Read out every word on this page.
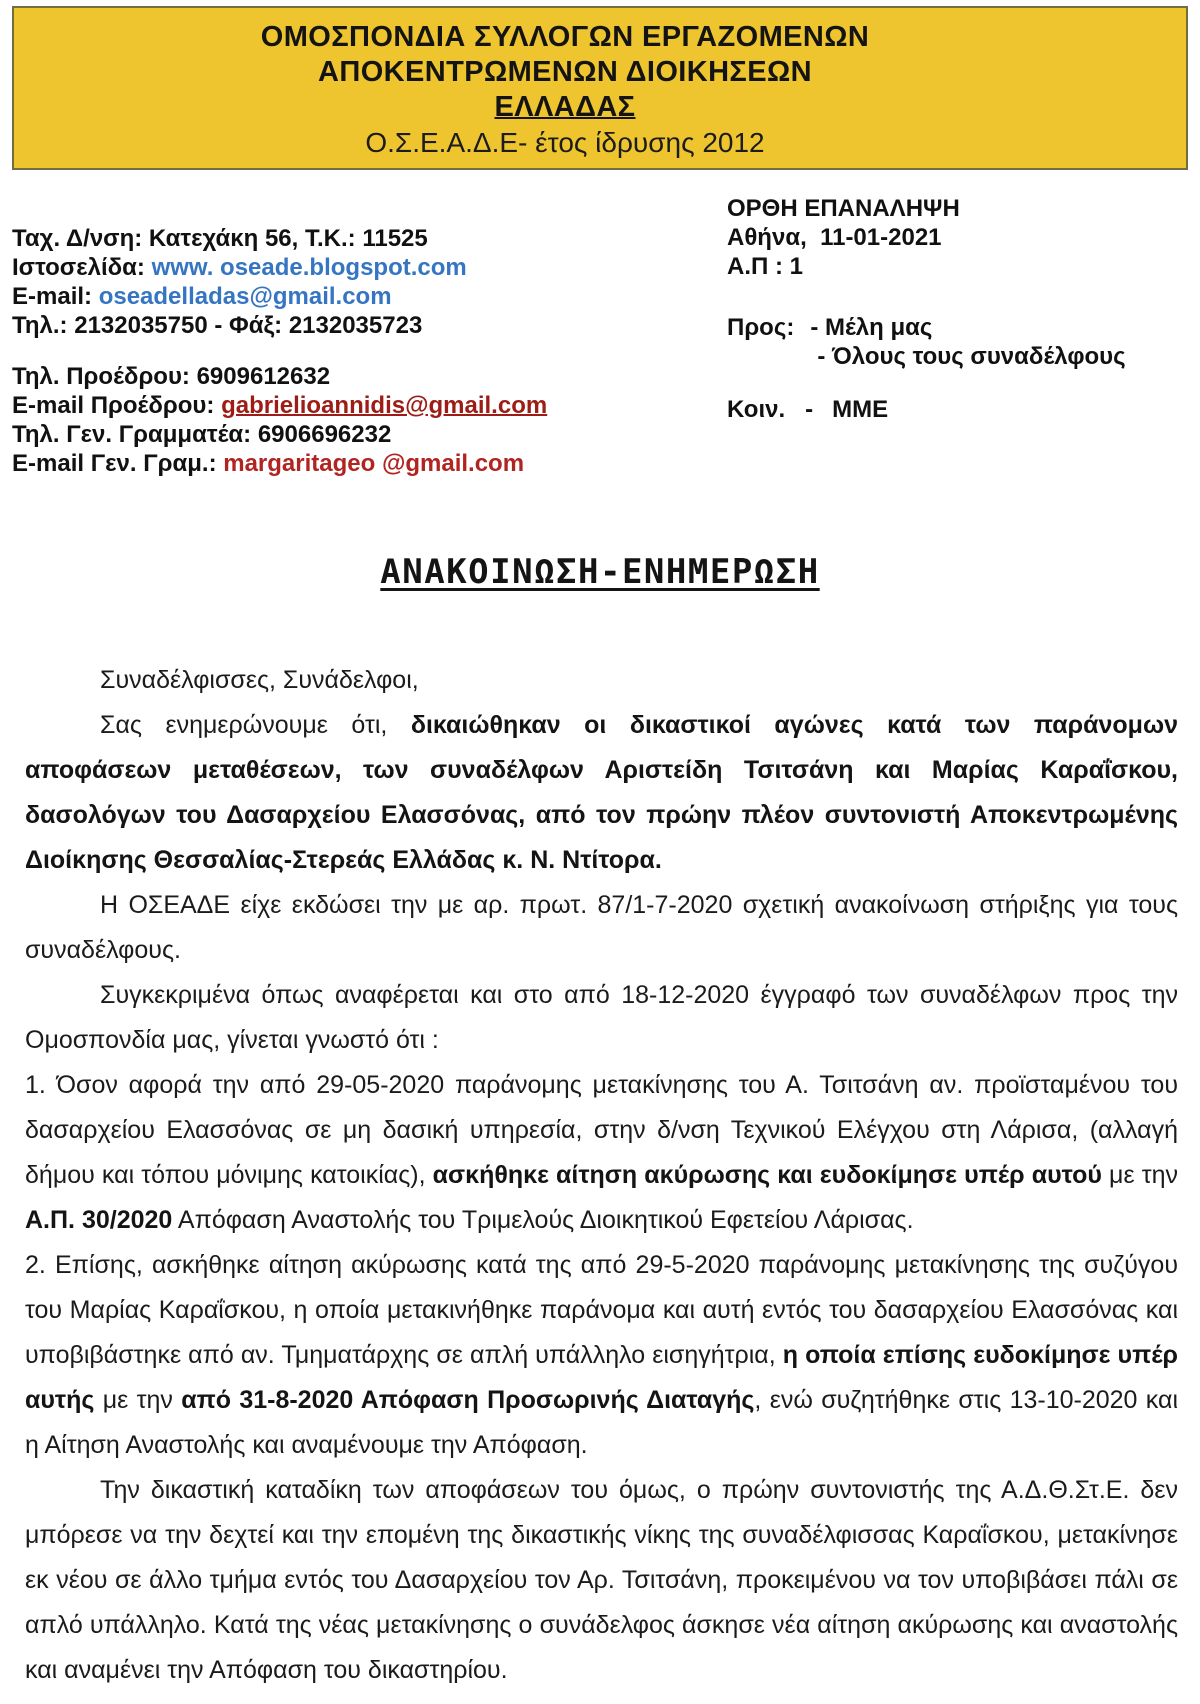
ΟΜΟΣΠΟΝΔΙΑ ΣΥΛΛΟΓΩΝ ΕΡΓΑΖΟΜΕΝΩΝ
ΑΠΟΚΕΝΤΡΩΜΕΝΩΝ ΔΙΟΙΚΗΣΕΩΝ
ΕΛΛΑΔΑΣ
Ο.Σ.Ε.Α.Δ.Ε- έτος ίδρυσης 2012
Ταχ. Δ/νση: Κατεχάκη 56, Τ.Κ.: 11525
Ιστοσελίδα: www. oseade.blogspot.com
E-mail: oseadelladas@gmail.com
Τηλ.: 2132035750 - Φάξ: 2132035723
Τηλ. Προέδρου: 6909612632
E-mail Προέδρου: gabrielioannidis@gmail.com
Τηλ. Γεν. Γραμματέα: 6906696232
E-mail Γεν. Γραμ.: margaritageo @gmail.com
ΟΡΘΗ ΕΠΑΝΑΛΗΨΗ
Αθήνα,  11-01-2021
Α.Π : 1
Προς: - Μέλη μας
- Όλους τους συναδέλφους
Κοιν. - ΜΜΕ
ΑΝΑΚΟΙΝΩΣΗ-ΕΝΗΜΕΡΩΣΗ

Συναδέλφισσες, Συνάδελφοι,

Σας ενημερώνουμε ότι, δικαιώθηκαν οι δικαστικοί αγώνες κατά των παράνομων αποφάσεων μεταθέσεων, των συναδέλφων Αριστείδη Τσιτσάνη και Μαρίας Καραΐσκου, δασολόγων του Δασαρχείου Ελασσόνας, από τον πρώην πλέον συντονιστή Αποκεντρωμένης Διοίκησης Θεσσαλίας-Στερεάς Ελλάδας κ. Ν. Ντίτορα.

Η ΟΣΕΑΔΕ είχε εκδώσει την με αρ. πρωτ. 87/1-7-2020 σχετική ανακοίνωση στήριξης για τους συναδέλφους.

Συγκεκριμένα όπως αναφέρεται και στο από 18-12-2020 έγγραφό των συναδέλφων προς την Ομοσπονδία μας, γίνεται γνωστό ότι :

1. Όσον αφορά την από 29-05-2020 παράνομης μετακίνησης του Α. Τσιτσάνη αν. προϊσταμένου του δασαρχείου Ελασσόνας σε μη δασική υπηρεσία, στην δ/νση Τεχνικού Ελέγχου στη Λάρισα, (αλλαγή δήμου και τόπου μόνιμης κατοικίας), ασκήθηκε αίτηση ακύρωσης και ευδοκίμησε υπέρ αυτού με την Α.Π. 30/2020 Απόφαση Αναστολής του Τριμελούς Διοικητικού Εφετείου Λάρισας.

2. Επίσης, ασκήθηκε αίτηση ακύρωσης κατά της από 29-5-2020 παράνομης μετακίνησης της συζύγου του Μαρίας Καραΐσκου, η οποία μετακινήθηκε παράνομα και αυτή εντός του δασαρχείου Ελασσόνας και υποβιβάστηκε από αν. Τμηματάρχης σε απλή υπάλληλο εισηγήτρια, η οποία επίσης ευδοκίμησε υπέρ αυτής με την από 31-8-2020 Απόφαση Προσωρινής Διαταγής, ενώ συζητήθηκε στις 13-10-2020 και η Αίτηση Αναστολής και αναμένουμε την Απόφαση.

Την δικαστική καταδίκη των αποφάσεων του όμως, ο πρώην συντονιστής της Α.Δ.Θ.Στ.Ε. δεν μπόρεσε να την δεχτεί και την επομένη της δικαστικής νίκης της συναδέλφισσας Καραΐσκου, μετακίνησε εκ νέου σε άλλο τμήμα εντός του Δασαρχείου τον Αρ. Τσιτσάνη, προκειμένου να τον υποβιβάσει πάλι σε απλό υπάλληλο. Κατά της νέας μετακίνησης ο συνάδελφος άσκησε νέα αίτηση ακύρωσης και αναστολής και αναμένει την Απόφαση του δικαστηρίου.
